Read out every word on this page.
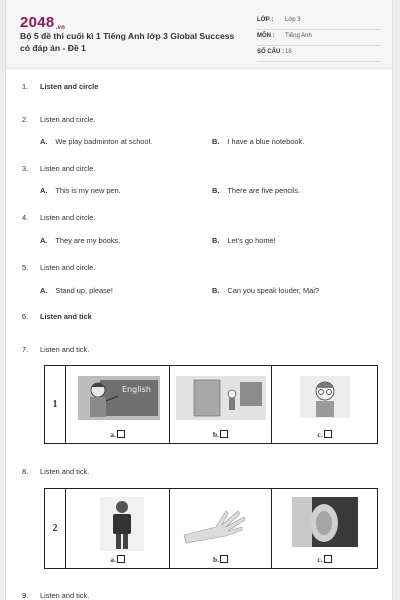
2048.vn
Bộ 5 đề thi cuối kì 1 Tiếng Anh lớp 3 Global Success có đáp án - Đề 1
LỚP : Lớp 3
MÔN : Tiếng Anh
SỐ CÂU : 18
1. Listen and circle
2. Listen and circle.
A. We play badminton at school.	B. I have a blue notebook.
3. Listen and circle.
A. This is my new pen.	B. There are five pencils.
4. Listen and circle.
A. They are my books.	B. Let's go home!
5. Listen and circle.
A. Stand up, please!	B. Can you speak louder, Mai?
6. Listen and tick
7. Listen and tick.
1	
English
a.	b.	c.
8. Listen and tick.
2	
a.	b.	c.
9. Listen and tick.
